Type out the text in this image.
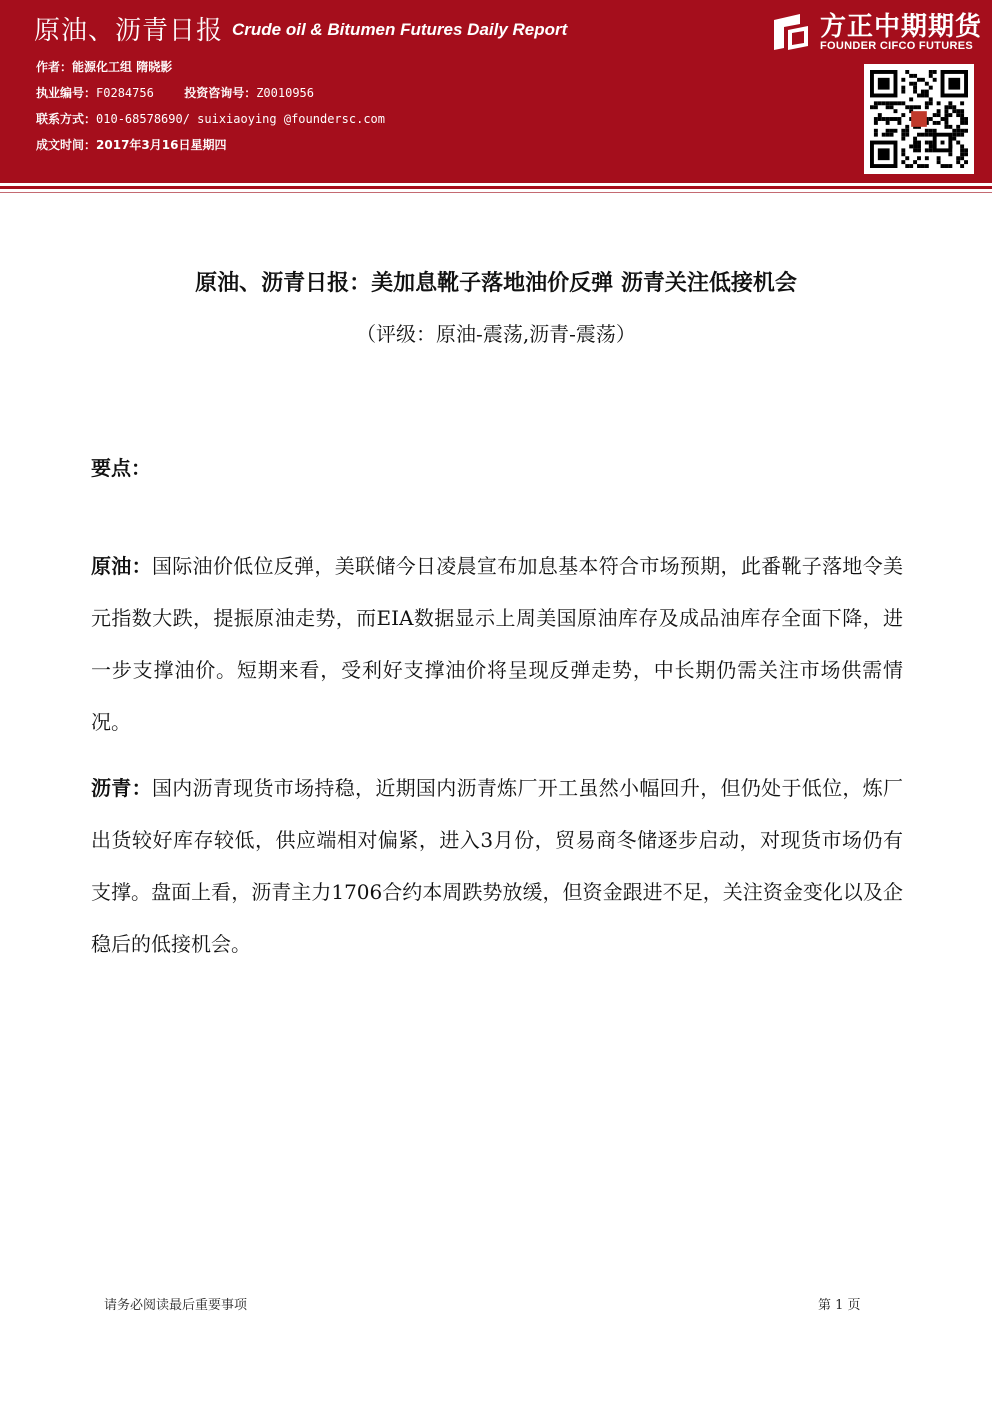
原油、沥青日报 Crude oil & Bitumen Futures Daily Report
作者：能源化工组 隋晓影
执业编号：F0284756	投资咨询号：Z0010956
联系方式：010-68578690/ suixiaoying @foundersc.com
成文时间：2017年3月16日星期四
方正中期期货
FOUNDER CIFCO FUTURES
原油、沥青日报：美加息靴子落地油价反弹 沥青关注低接机会
（评级：原油-震荡,沥青-震荡）
要点：
原油：国际油价低位反弹，美联储今日凌晨宣布加息基本符合市场预期，此番靴子落地令美元指数大跌，提振原油走势，而EIA数据显示上周美国原油库存及成品油库存全面下降，进一步支撑油价。短期来看，受利好支撑油价将呈现反弹走势，中长期仍需关注市场供需情况。
沥青：国内沥青现货市场持稳，近期国内沥青炼厂开工虽然小幅回升，但仍处于低位，炼厂出货较好库存较低，供应端相对偏紧，进入3月份，贸易商冬储逐步启动，对现货市场仍有支撑。盘面上看，沥青主力1706合约本周跌势放缓，但资金跟进不足，关注资金变化以及企稳后的低接机会。
请务必阅读最后重要事项	第 1 页
